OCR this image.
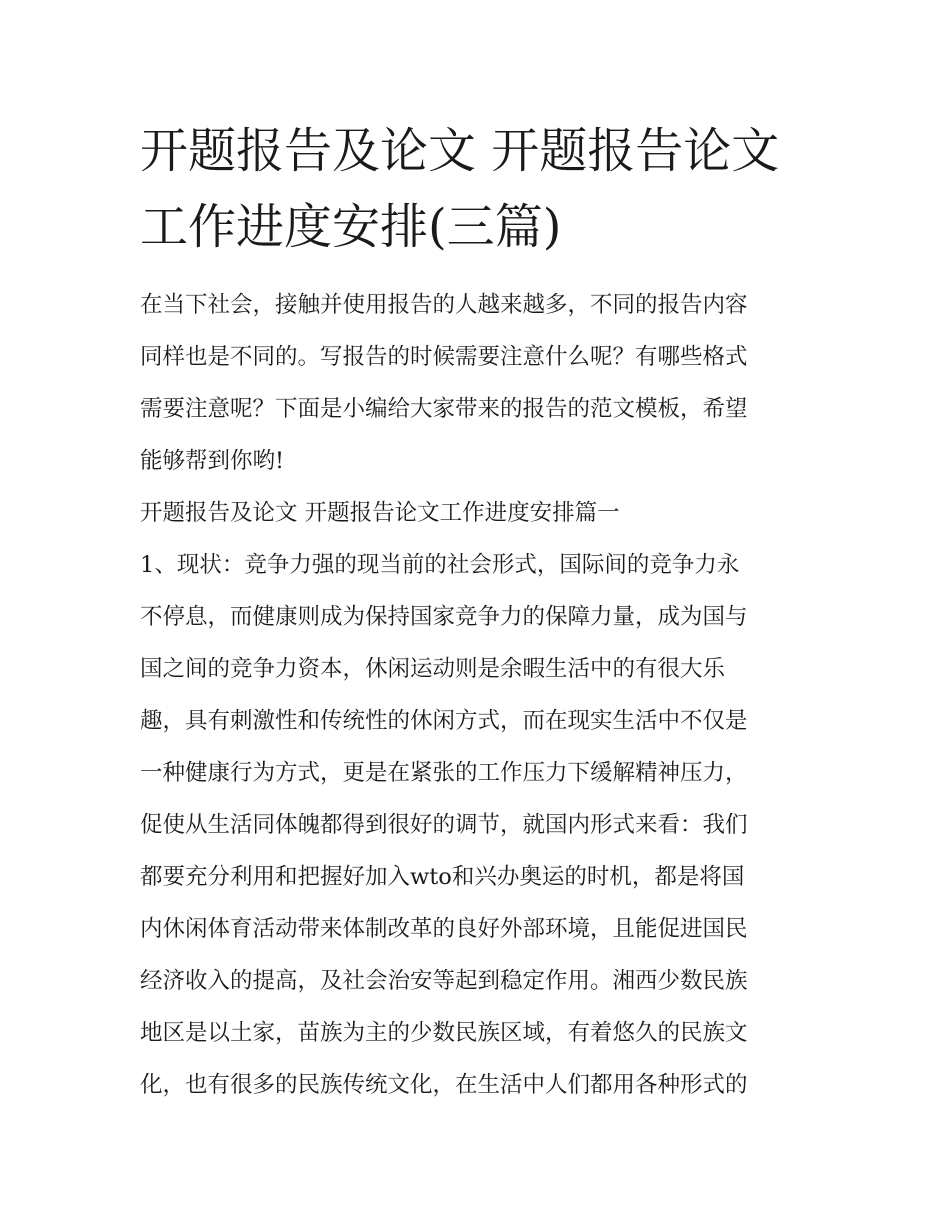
开题报告及论文 开题报告论文
工作进度安排(三篇)
在当下社会，接触并使用报告的人越来越多，不同的报告内容
同样也是不同的。写报告的时候需要注意什么呢？有哪些格式
需要注意呢？下面是小编给大家带来的报告的范文模板，希望
能够帮到你哟!
开题报告及论文 开题报告论文工作进度安排篇一
1、现状：竞争力强的现当前的社会形式，国际间的竞争力永
不停息，而健康则成为保持国家竞争力的保障力量，成为国与
国之间的竞争力资本，休闲运动则是余暇生活中的有很大乐
趣，具有刺激性和传统性的休闲方式，而在现实生活中不仅是
一种健康行为方式，更是在紧张的工作压力下缓解精神压力，
促使从生活同体魄都得到很好的调节，就国内形式来看：我们
都要充分利用和把握好加入wto和兴办奥运的时机，都是将国
内休闲体育活动带来体制改革的良好外部环境，且能促进国民
经济收入的提高，及社会治安等起到稳定作用。湘西少数民族
地区是以土家，苗族为主的少数民族区域，有着悠久的民族文
化，也有很多的民族传统文化，在生活中人们都用各种形式的
